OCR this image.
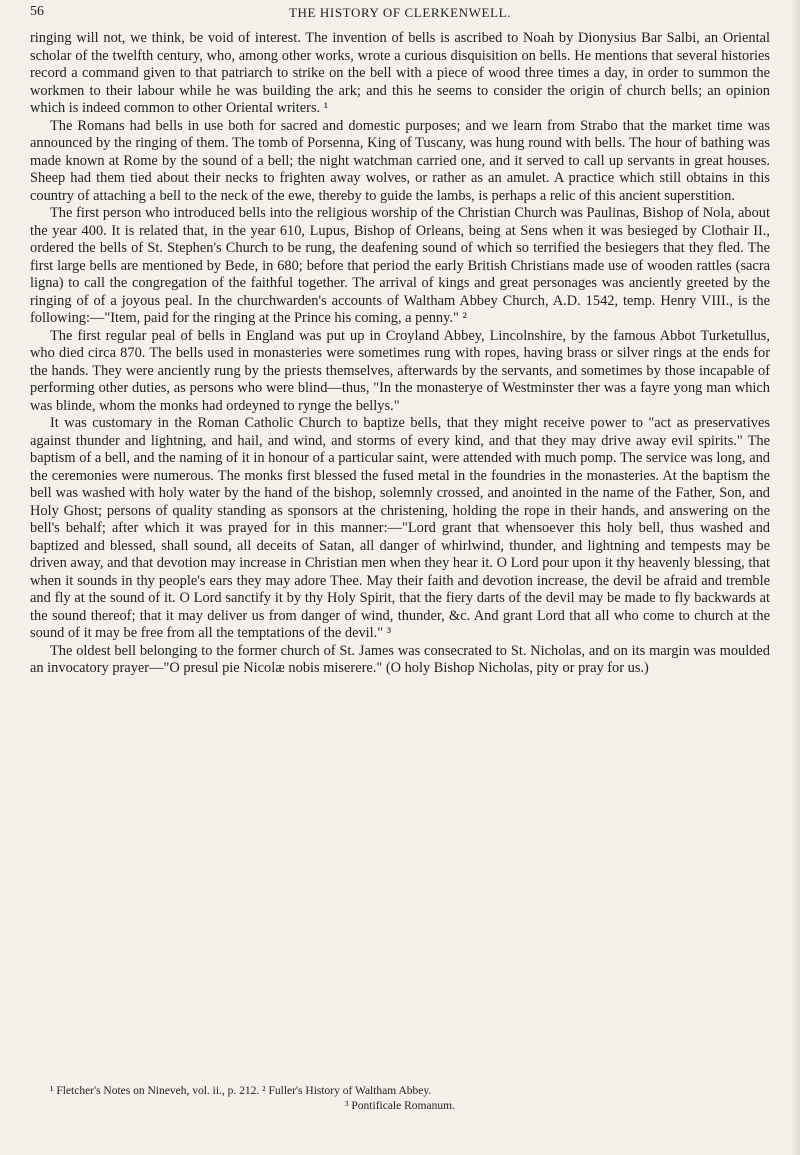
56	THE HISTORY OF CLERKENWELL.

ringing will not, we think, be void of interest. The invention of bells is ascribed to Noah by Dionysius Bar Salbi, an Oriental scholar of the twelfth century, who, among other works, wrote a curious disquisition on bells. He mentions that several histories record a command given to that patriarch to strike on the bell with a piece of wood three times a day, in order to summon the workmen to their labour while he was building the ark; and this he seems to consider the origin of church bells; an opinion which is indeed common to other Oriental writers. ¹

The Romans had bells in use both for sacred and domestic purposes; and we learn from Strabo that the market time was announced by the ringing of them. The tomb of Porsenna, King of Tuscany, was hung round with bells. The hour of bathing was made known at Rome by the sound of a bell; the night watchman carried one, and it served to call up servants in great houses. Sheep had them tied about their necks to frighten away wolves, or rather as an amulet. A practice which still obtains in this country of attaching a bell to the neck of the ewe, thereby to guide the lambs, is perhaps a relic of this ancient superstition.

The first person who introduced bells into the religious worship of the Christian Church was Paulinas, Bishop of Nola, about the year 400. It is related that, in the year 610, Lupus, Bishop of Orleans, being at Sens when it was besieged by Clothair II., ordered the bells of St. Stephen's Church to be rung, the deafening sound of which so terrified the besiegers that they fled. The first large bells are mentioned by Bede, in 680; before that period the early British Christians made use of wooden rattles (sacra ligna) to call the congregation of the faithful together. The arrival of kings and great personages was anciently greeted by the ringing of of a joyous peal. In the churchwarden's accounts of Waltham Abbey Church, A.D. 1542, temp. Henry VIII., is the following:—"Item, paid for the ringing at the Prince his coming, a penny." ²

The first regular peal of bells in England was put up in Croyland Abbey, Lincolnshire, by the famous Abbot Turketullus, who died circa 870. The bells used in monasteries were sometimes rung with ropes, having brass or silver rings at the ends for the hands. They were anciently rung by the priests themselves, afterwards by the servants, and sometimes by those incapable of performing other duties, as persons who were blind—thus, "In the monasterye of Westminster ther was a fayre yong man which was blinde, whom the monks had ordeyned to rynge the bellys."

It was customary in the Roman Catholic Church to baptize bells, that they might receive power to "act as preservatives against thunder and lightning, and hail, and wind, and storms of every kind, and that they may drive away evil spirits." The baptism of a bell, and the naming of it in honour of a particular saint, were attended with much pomp. The service was long, and the ceremonies were numerous. The monks first blessed the fused metal in the foundries in the monasteries. At the baptism the bell was washed with holy water by the hand of the bishop, solemnly crossed, and anointed in the name of the Father, Son, and Holy Ghost; persons of quality standing as sponsors at the christening, holding the rope in their hands, and answering on the bell's behalf; after which it was prayed for in this manner:—"Lord grant that whensoever this holy bell, thus washed and baptized and blessed, shall sound, all deceits of Satan, all danger of whirlwind, thunder, and lightning and tempests may be driven away, and that devotion may increase in Christian men when they hear it. O Lord pour upon it thy heavenly blessing, that when it sounds in thy people's ears they may adore Thee. May their faith and devotion increase, the devil be afraid and tremble and fly at the sound of it. O Lord sanctify it by thy Holy Spirit, that the fiery darts of the devil may be made to fly backwards at the sound thereof; that it may deliver us from danger of wind, thunder, &c. And grant Lord that all who come to church at the sound of it may be free from all the temptations of the devil." ³

The oldest bell belonging to the former church of St. James was consecrated to St. Nicholas, and on its margin was moulded an invocatory prayer—"O presul pie Nicolæ nobis miserere." (O holy Bishop Nicholas, pity or pray for us.)

¹ Fletcher's Notes on Nineveh, vol. ii., p. 212. ² Fuller's History of Waltham Abbey.

³ Pontificale Romanum.
